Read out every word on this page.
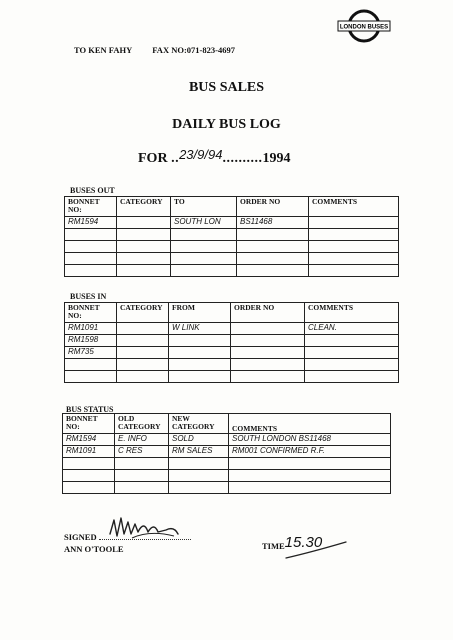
LONDON BUSES
TO KEN FAHY FAX NO:071-823-4697
BUS SALES
DAILY BUS LOG
FOR ..23/9/94..........1994
BUSES OUT
BONNET NO:	CATEGORY	TO	ORDER NO	COMMENTS
RM1594		SOUTH LON	BS11468	

BUSES IN
BONNET NO:	CATEGORY	FROM	ORDER NO	COMMENTS
RM1091		W LINK		CLEAN.
RM1598				
RM735				

BUS STATUS
BONNET NO:	OLD CATEGORY	NEW CATEGORY	COMMENTS
RM1594	E. INFO	SOLD	SOUTH LONDON BS11468
RM1091	C RES	RM SALES	RM001 CONFIRMED R.F.

SIGNED
ANN O'TOOLE	TIME15.30
